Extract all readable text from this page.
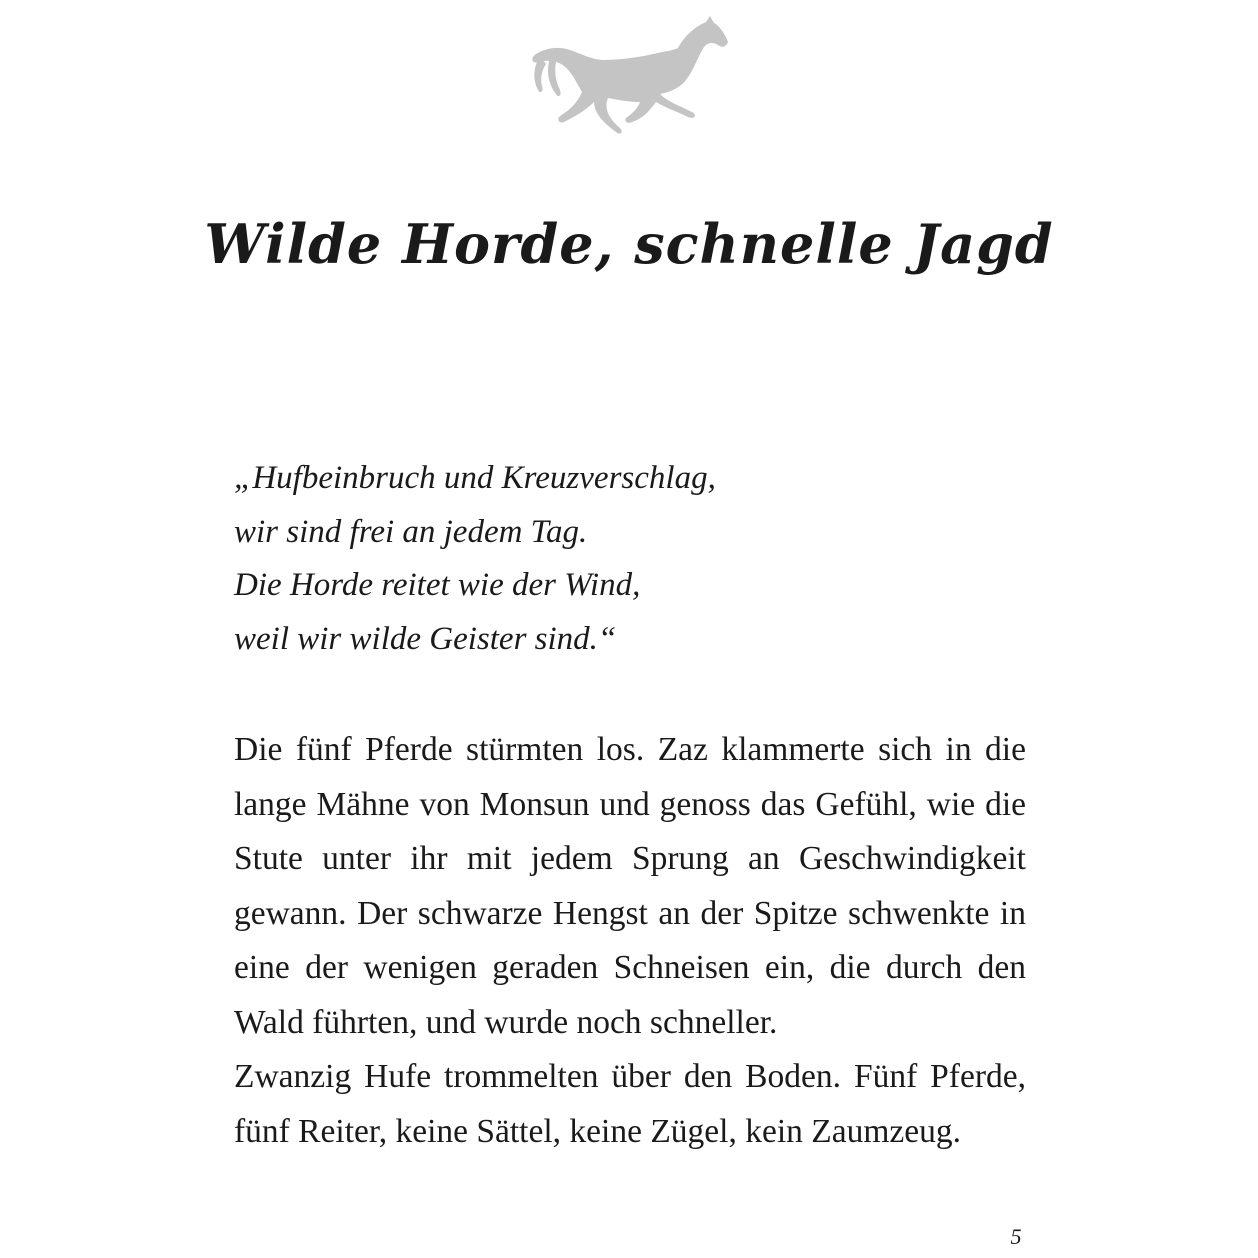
Wilde Horde, schnelle Jagd
„Hufbeinbruch und Kreuzverschlag,
wir sind frei an jedem Tag.
Die Horde reitet wie der Wind,
weil wir wilde Geister sind.“

Die fünf Pferde stürmten los. Zaz klammerte sich in die lange Mähne von Monsun und genoss das Gefühl, wie die Stute unter ihr mit jedem Sprung an Geschwindigkeit gewann. Der schwarze Hengst an der Spitze schwenkte in eine der wenigen geraden Schneisen ein, die durch den Wald führten, und wurde noch schneller.

Zwanzig Hufe trommelten über den Boden. Fünf Pferde, fünf Reiter, keine Sättel, keine Zügel, kein Zaumzeug.

5
